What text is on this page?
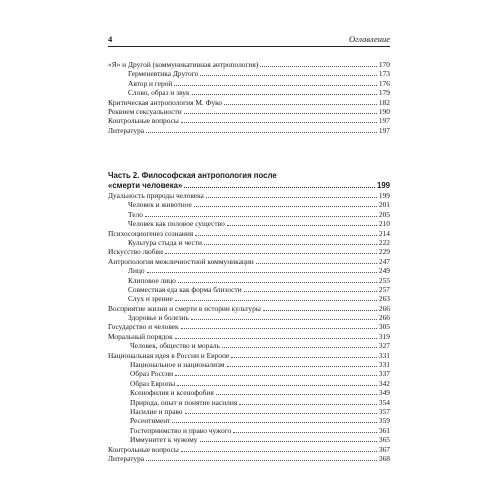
4	Оглавление
«Я» и Другой (коммуникативная антропология)	170
Герменевтика Другого	173
Автор и герой	176
Слово, образ и звук	179
Критическая антропология М. Фуко	182
Реквием сексуальности	190
Контрольные вопросы	197
Литература	197
Часть 2. Философская антропология после
«смерти человека»	199
Дуальность природы человека	199
Человек и животное	201
Тело	205
Человек как половое существо	210
Психосоциогенез сознания	214
Культура стыда и чести	222
Искусство любви	229
Антропология межличностной коммуникации	247
Лицо	249
Клиповое лицо	255
Совместная еда как форма близости	257
Слух и зрение	263
Восприятие жизни и смерти в истории культуры	266
Здоровье и болезнь	266
Государство и человек	305
Моральный порядок	319
Человек, общество и мораль	327
Национальная идея в России и Европе	331
Национальное и национализм	331
Образ России	337
Образ Европы	342
Ксенофилия и ксенофобия	349
Природа, опыт и понятие насилия	354
Насилие и право	357
Ресентимент	359
Гостеприимство и право чужого	361
Иммунитет к чужому	365
Контрольные вопросы	367
Литература	368
